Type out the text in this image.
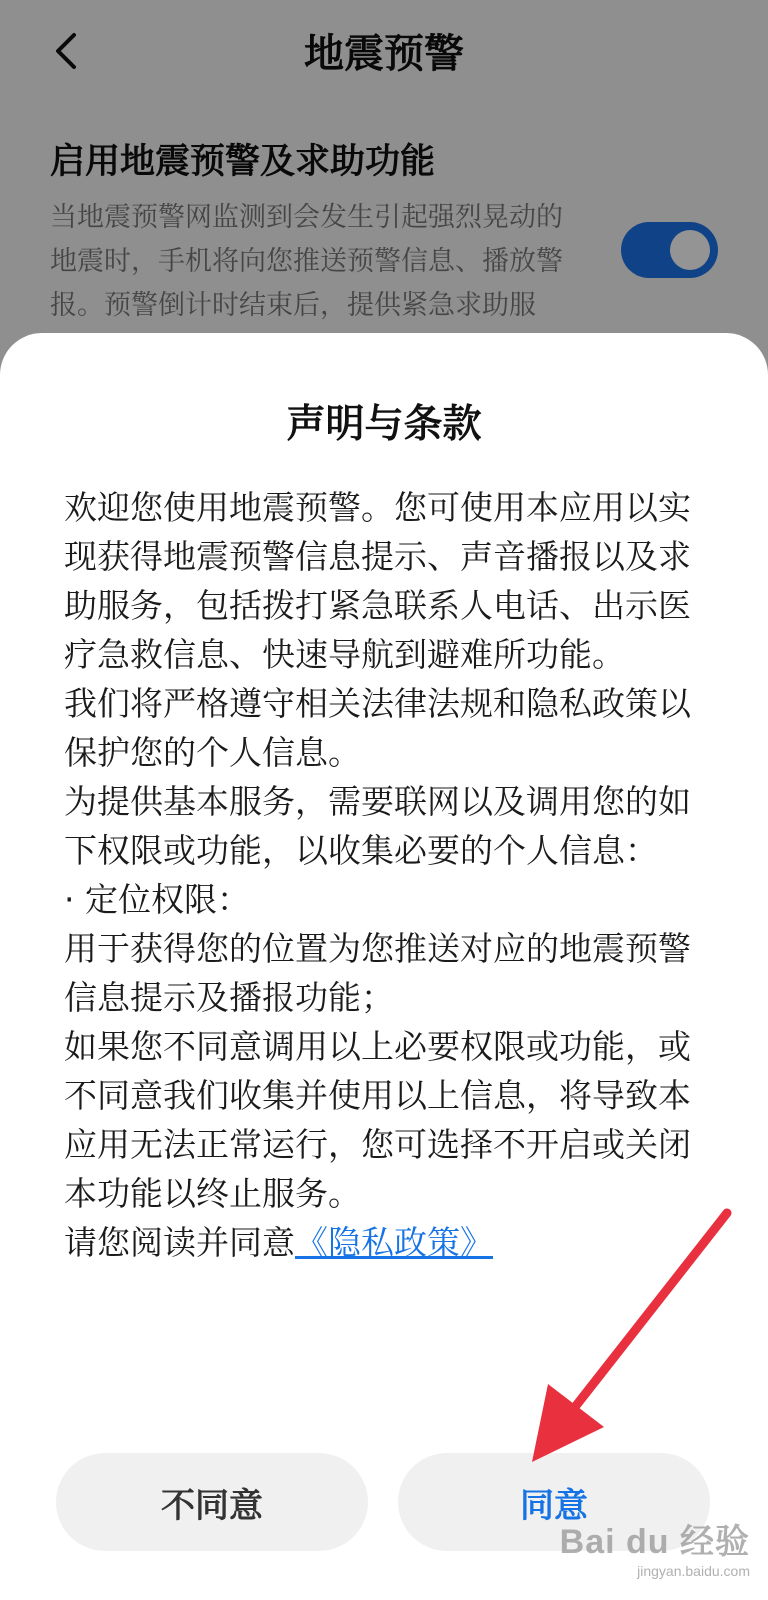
地震预警
启用地震预警及求助功能
当地震预警网监测到会发生引起强烈晃动的地震时，手机将向您推送预警信息、播放警报。预警倒计时结束后，提供紧急求助服
声明与条款

欢迎您使用地震预警。您可使用本应用以实现获得地震预警信息提示、声音播报以及求助服务，包括拨打紧急联系人电话、出示医疗急救信息、快速导航到避难所功能。

我们将严格遵守相关法律法规和隐私政策以保护您的个人信息。

为提供基本服务，需要联网以及调用您的如下权限或功能，以收集必要的个人信息：

· 定位权限：

用于获得您的位置为您推送对应的地震预警信息提示及播报功能；

如果您不同意调用以上必要权限或功能，或不同意我们收集并使用以上信息，将导致本应用无法正常运行，您可选择不开启或关闭本功能以终止服务。

请您阅读并同意《隐私政策》

不同意	同意
Bai du 经验
jingyan.baidu.com
